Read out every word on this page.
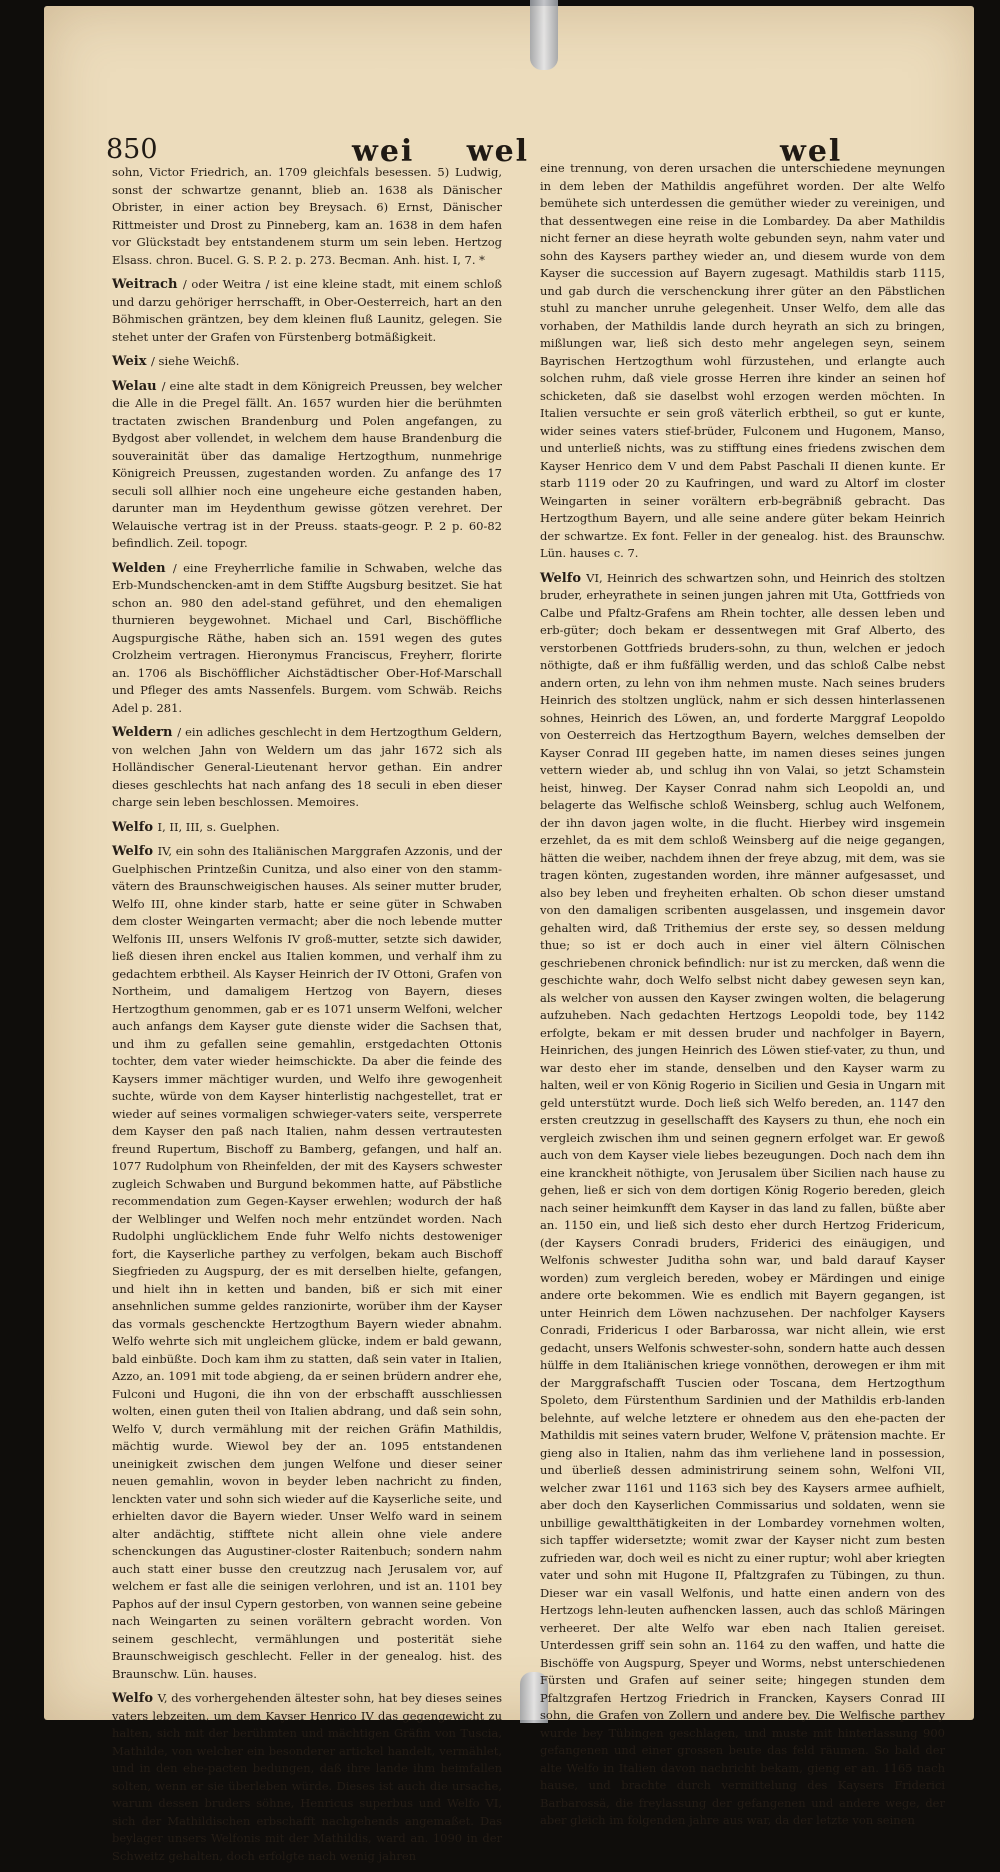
850	wei wel	wel

sohn, Victor Friedrich, an. 1709 gleichfals besessen. 5) Ludwig, sonst der schwartze genannt, blieb an. 1638 als Dänischer Obrister, in einer action bey Breysach. 6) Ernst, Dänischer Rittmeister und Drost zu Pinneberg, kam an. 1638 in dem hafen vor Glückstadt bey entstandenem sturm um sein leben. Hertzog Elsass. chron. Bucel. G. S. P. 2. p. 273. Becman. Anh. hist. I, 7. *

Weitrach / oder Weitra / ist eine kleine stadt, mit einem schloß und darzu gehöriger herrschafft, in Ober-Oesterreich, hart an den Böhmischen gräntzen, bey dem kleinen fluß Launitz, gelegen. Sie stehet unter der Grafen von Fürstenberg botmäßigkeit.

Weix / siehe Weichß.

Welau / eine alte stadt in dem Königreich Preussen, bey welcher die Alle in die Pregel fällt. An. 1657 wurden hier die berühmten tractaten zwischen Brandenburg und Polen angefangen, zu Bydgost aber vollendet, in welchem dem hause Brandenburg die souverainität über das damalige Hertzogthum, nunmehrige Königreich Preussen, zugestanden worden. Zu anfange des 17 seculi soll allhier noch eine ungeheure eiche gestanden haben, darunter man im Heydenthum gewisse götzen verehret. Der Welauische vertrag ist in der Preuss. staats-geogr. P. 2 p. 60-82 befindlich. Zeil. topogr.

Welden / eine Freyherrliche familie in Schwaben, welche das Erb-Mundschencken-amt in dem Stiffte Augsburg besitzet. Sie hat schon an. 980 den adel-stand geführet, und den ehemaligen thurnieren beygewohnet. Michael und Carl, Bischöffliche Augspurgische Räthe, haben sich an. 1591 wegen des gutes Crolzheim vertragen. Hieronymus Franciscus, Freyherr, florirte an. 1706 als Bischöfflicher Aichstädtischer Ober-Hof-Marschall und Pfleger des amts Nassenfels. Burgem. vom Schwäb. Reichs Adel p. 281.

Weldern / ein adliches geschlecht in dem Hertzogthum Geldern, von welchen Jahn von Weldern um das jahr 1672 sich als Holländischer General-Lieutenant hervor gethan. Ein andrer dieses geschlechts hat nach anfang des 18 seculi in eben dieser charge sein leben beschlossen. Memoires.

Welfo I, II, III, s. Guelphen.

Welfo IV, ein sohn des Italiänischen Marggrafen Azzonis, und der Guelphischen Printzeßin Cunitza, und also einer von den stamm-vätern des Braunschweigischen hauses. Als seiner mutter bruder, Welfo III, ohne kinder starb, hatte er seine güter in Schwaben dem closter Weingarten vermacht; aber die noch lebende mutter Welfonis III, unsers Welfonis IV groß-mutter, setzte sich dawider, ließ diesen ihren enckel aus Italien kommen, und verhalf ihm zu gedachtem erbtheil. Als Kayser Heinrich der IV Ottoni, Grafen von Northeim, und damaligem Hertzog von Bayern, dieses Hertzogthum genommen, gab er es 1071 unserm Welfoni, welcher auch anfangs dem Kayser gute dienste wider die Sachsen that, und ihm zu gefallen seine gemahlin, erstgedachten Ottonis tochter, dem vater wieder heimschickte. Da aber die feinde des Kaysers immer mächtiger wurden, und Welfo ihre gewogenheit suchte, würde von dem Kayser hinterlistig nachgestellet, trat er wieder auf seines vormaligen schwieger-vaters seite, versperrete dem Kayser den paß nach Italien, nahm dessen vertrautesten freund Rupertum, Bischoff zu Bamberg, gefangen, und half an. 1077 Rudolphum von Rheinfelden, der mit des Kaysers schwester zugleich Schwaben und Burgund bekommen hatte, auf Päbstliche recommendation zum Gegen-Kayser erwehlen; wodurch der haß der Welblinger und Welfen noch mehr entzündet worden. Nach Rudolphi unglücklichem Ende fuhr Welfo nichts destoweniger fort, die Kayserliche parthey zu verfolgen, bekam auch Bischoff Siegfrieden zu Augspurg, der es mit derselben hielte, gefangen, und hielt ihn in ketten und banden, biß er sich mit einer ansehnlichen summe geldes ranzionirte, worüber ihm der Kayser das vormals geschenckte Hertzogthum Bayern wieder abnahm. Welfo wehrte sich mit ungleichem glücke, indem er bald gewann, bald einbüßte. Doch kam ihm zu statten, daß sein vater in Italien, Azzo, an. 1091 mit tode abgieng, da er seinen brüdern andrer ehe, Fulconi und Hugoni, die ihn von der erbschafft ausschliessen wolten, einen guten theil von Italien abdrang, und daß sein sohn, Welfo V, durch vermählung mit der reichen Gräfin Mathildis, mächtig wurde. Wiewol bey der an. 1095 entstandenen uneinigkeit zwischen dem jungen Welfone und dieser seiner neuen gemahlin, wovon in beyder leben nachricht zu finden, lenckten vater und sohn sich wieder auf die Kayserliche seite, und erhielten davor die Bayern wieder. Unser Welfo ward in seinem alter andächtig, stifftete nicht allein ohne viele andere schenckungen das Augustiner-closter Raitenbuch; sondern nahm auch statt einer busse den creutzzug nach Jerusalem vor, auf welchem er fast alle die seinigen verlohren, und ist an. 1101 bey Paphos auf der insul Cypern gestorben, von wannen seine gebeine nach Weingarten zu seinen vorältern gebracht worden. Von seinem geschlecht, vermählungen und posterität siehe Braunschweigisch geschlecht. Feller in der genealog. hist. des Braunschw. Lün. hauses.

Welfo V, des vorhergehenden ältester sohn, hat bey dieses seines vaters lebzeiten, um dem Kayser Henrico IV das gegengewicht zu halten, sich mit der berühmten und mächtigen Gräfin von Tuscia, Mathilde, von welcher ein besonderer artickel handelt, vermählet, und in den ehe-pacten bedungen, daß ihre lande ihm heimfallen solten, wenn er sie überleben würde. Dieses ist auch die ursache, warum dessen bruders söhne, Henricus superbus und Welfo VI, sich der Mathildischen erbschafft nachgehends angemaßet. Das beylager unsers Welfonis mit der Mathildis, ward an. 1090 in der Schweitz gehalten, doch erfolgte nach wenig jahren

eine trennung, von deren ursachen die unterschiedene meynungen in dem leben der Mathildis angeführet worden. Der alte Welfo bemühete sich unterdessen die gemüther wieder zu vereinigen, und that dessentwegen eine reise in die Lombardey. Da aber Mathildis nicht ferner an diese heyrath wolte gebunden seyn, nahm vater und sohn des Kaysers parthey wieder an, und diesem wurde von dem Kayser die succession auf Bayern zugesagt. Mathildis starb 1115, und gab durch die verschenckung ihrer güter an den Päbstlichen stuhl zu mancher unruhe gelegenheit. Unser Welfo, dem alle das vorhaben, der Mathildis lande durch heyrath an sich zu bringen, mißlungen war, ließ sich desto mehr angelegen seyn, seinem Bayrischen Hertzogthum wohl fürzustehen, und erlangte auch solchen ruhm, daß viele grosse Herren ihre kinder an seinen hof schicketen, daß sie daselbst wohl erzogen werden möchten. In Italien versuchte er sein groß väterlich erbtheil, so gut er kunte, wider seines vaters stief-brüder, Fulconem und Hugonem, Manso, und unterließ nichts, was zu stifftung eines friedens zwischen dem Kayser Henrico dem V und dem Pabst Paschali II dienen kunte. Er starb 1119 oder 20 zu Kaufringen, und ward zu Altorf im closter Weingarten in seiner vorältern erb-begräbniß gebracht. Das Hertzogthum Bayern, und alle seine andere güter bekam Heinrich der schwartze. Ex font. Feller in der genealog. hist. des Braunschw. Lün. hauses c. 7.

Welfo VI, Heinrich des schwartzen sohn, und Heinrich des stoltzen bruder, erheyrathete in seinen jungen jahren mit Uta, Gottfrieds von Calbe und Pfaltz-Grafens am Rhein tochter, alle dessen leben und erb-güter; doch bekam er dessentwegen mit Graf Alberto, des verstorbenen Gottfrieds bruders-sohn, zu thun, welchen er jedoch nöthigte, daß er ihm fußfällig werden, und das schloß Calbe nebst andern orten, zu lehn von ihm nehmen muste. Nach seines bruders Heinrich des stoltzen unglück, nahm er sich dessen hinterlassenen sohnes, Heinrich des Löwen, an, und forderte Marggraf Leopoldo von Oesterreich das Hertzogthum Bayern, welches demselben der Kayser Conrad III gegeben hatte, im namen dieses seines jungen vettern wieder ab, und schlug ihn von Valai, so jetzt Schamstein heist, hinweg. Der Kayser Conrad nahm sich Leopoldi an, und belagerte das Welfische schloß Weinsberg, schlug auch Welfonem, der ihn davon jagen wolte, in die flucht. Hierbey wird insgemein erzehlet, da es mit dem schloß Weinsberg auf die neige gegangen, hätten die weiber, nachdem ihnen der freye abzug, mit dem, was sie tragen könten, zugestanden worden, ihre männer aufgesasset, und also bey leben und freyheiten erhalten. Ob schon dieser umstand von den damaligen scribenten ausgelassen, und insgemein davor gehalten wird, daß Trithemius der erste sey, so dessen meldung thue; so ist er doch auch in einer viel ältern Cölnischen geschriebenen chronick befindlich: nur ist zu mercken, daß wenn die geschichte wahr, doch Welfo selbst nicht dabey gewesen seyn kan, als welcher von aussen den Kayser zwingen wolten, die belagerung aufzuheben. Nach gedachten Hertzogs Leopoldi tode, bey 1142 erfolgte, bekam er mit dessen bruder und nachfolger in Bayern, Heinrichen, des jungen Heinrich des Löwen stief-vater, zu thun, und war desto eher im stande, denselben und den Kayser warm zu halten, weil er von König Rogerio in Sicilien und Gesia in Ungarn mit geld unterstützt wurde. Doch ließ sich Welfo bereden, an. 1147 den ersten creutzzug in gesellschafft des Kaysers zu thun, ehe noch ein vergleich zwischen ihm und seinen gegnern erfolget war. Er gewoß auch von dem Kayser viele liebes bezeugungen. Doch nach dem ihn eine kranckheit nöthigte, von Jerusalem über Sicilien nach hause zu gehen, ließ er sich von dem dortigen König Rogerio bereden, gleich nach seiner heimkunfft dem Kayser in das land zu fallen, büßte aber an. 1150 ein, und ließ sich desto eher durch Hertzog Fridericum, (der Kaysers Conradi bruders, Friderici des einäugigen, und Welfonis schwester Juditha sohn war, und bald darauf Kayser worden) zum vergleich bereden, wobey er Märdingen und einige andere orte bekommen. Wie es endlich mit Bayern gegangen, ist unter Heinrich dem Löwen nachzusehen. Der nachfolger Kaysers Conradi, Fridericus I oder Barbarossa, war nicht allein, wie erst gedacht, unsers Welfonis schwester-sohn, sondern hatte auch dessen hülffe in dem Italiänischen kriege vonnöthen, derowegen er ihm mit der Marggrafschafft Tuscien oder Toscana, dem Hertzogthum Spoleto, dem Fürstenthum Sardinien und der Mathildis erb-landen belehnte, auf welche letztere er ohnedem aus den ehe-pacten der Mathildis mit seines vatern bruder, Welfone V, prätension machte. Er gieng also in Italien, nahm das ihm verliehene land in possession, und überließ dessen administrirung seinem sohn, Welfoni VII, welcher zwar 1161 und 1163 sich bey des Kaysers armee aufhielt, aber doch den Kayserlichen Commissarius und soldaten, wenn sie unbillige gewaltthätigkeiten in der Lombardey vornehmen wolten, sich tapffer widersetzte; womit zwar der Kayser nicht zum besten zufrieden war, doch weil es nicht zu einer ruptur; wohl aber kriegten vater und sohn mit Hugone II, Pfaltzgrafen zu Tübingen, zu thun. Dieser war ein vasall Welfonis, und hatte einen andern von des Hertzogs lehn-leuten aufhencken lassen, auch das schloß Märingen verheeret. Der alte Welfo war eben nach Italien gereiset. Unterdessen griff sein sohn an. 1164 zu den waffen, und hatte die Bischöffe von Augspurg, Speyer und Worms, nebst unterschiedenen Fürsten und Grafen auf seiner seite; hingegen stunden dem Pfaltzgrafen Hertzog Friedrich in Francken, Kaysers Conrad III sohn, die Grafen von Zollern und andere bey. Die Welfische parthey wurde bey Tübingen geschlagen, und muste mit hinterlassung 900 gefangenen und einer grossen beute das feld räumen. So bald der alte Welfo in Italien davon nachricht bekam, gieng er an. 1165 nach hause, und brachte durch vermittelung des Kaysers Friderici Barbarossä, die freylassung der gefangenen und andere wege, der aber gleich im folgenden jahre aus war, da der letzte von seinen
